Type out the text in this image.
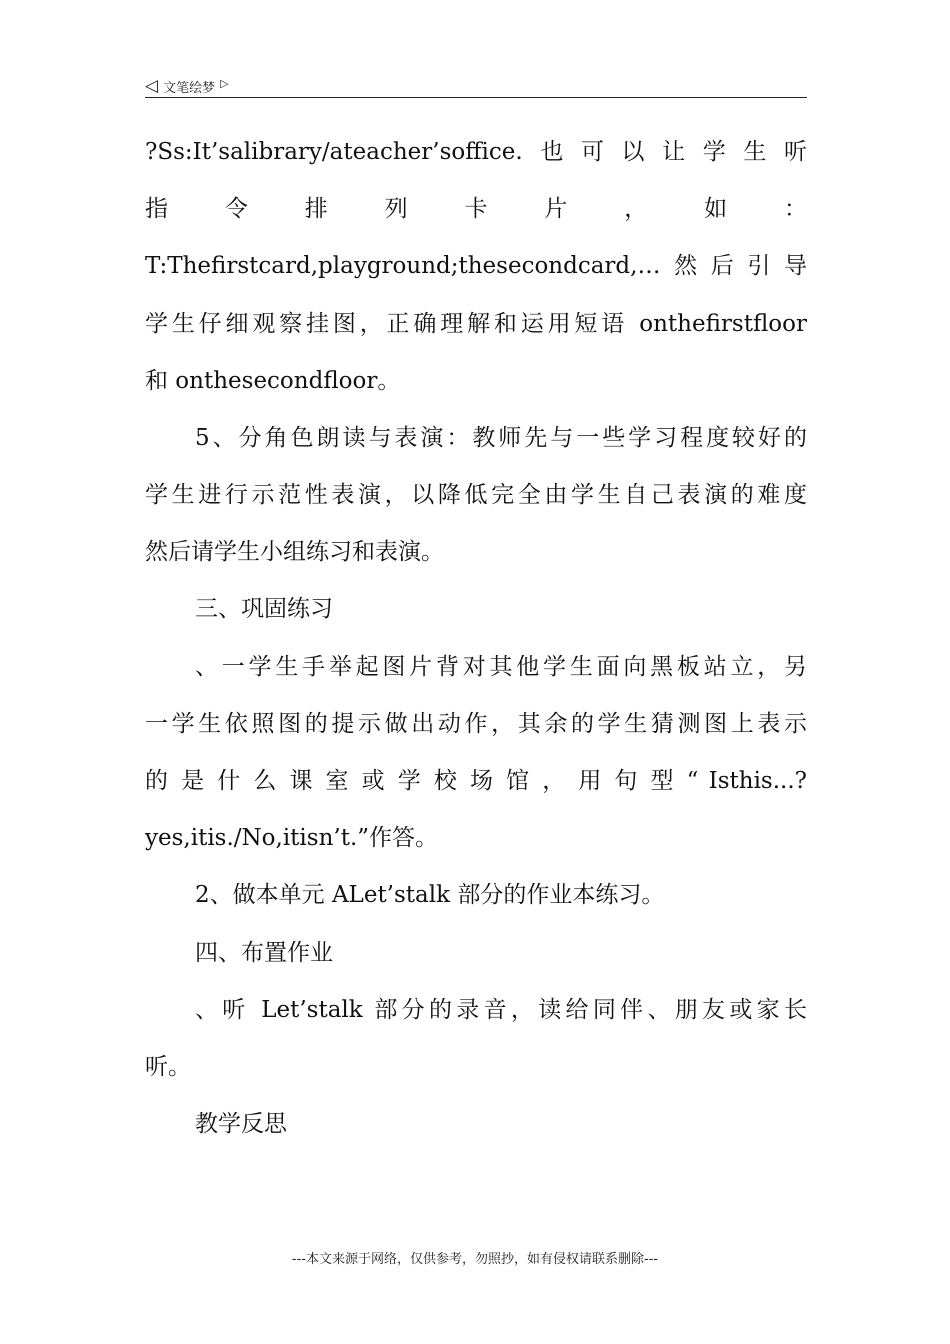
◁ 文笔绘梦 ▷
?Ss:It’salibrary/ateacher’soffice.也可以让学生听
指 令 排 列 卡 片 ， 如 ：
T:Thefirstcard,playground;thesecondcard,…然后引导
学生仔细观察挂图，正确理解和运用短语 onthefirstfloor
和 onthesecondfloor。
5、分角色朗读与表演：教师先与一些学习程度较好的
学生进行示范性表演，以降低完全由学生自己表演的难度
然后请学生小组练习和表演。
三、巩固练习
、一学生手举起图片背对其他学生面向黑板站立，另
一学生依照图的提示做出动作，其余的学生猜测图上表示
的 是 什 么 课 室 或 学 校 场 馆 ， 用 句 型 “ Isthis...?
yes,itis./No,itisn’t.”作答。
2、做本单元 ALet’stalk 部分的作业本练习。
四、布置作业
、听 Let’stalk 部分的录音，读给同伴、朋友或家长
听。
教学反思
---本文来源于网络，仅供参考，勿照抄，如有侵权请联系删除---
